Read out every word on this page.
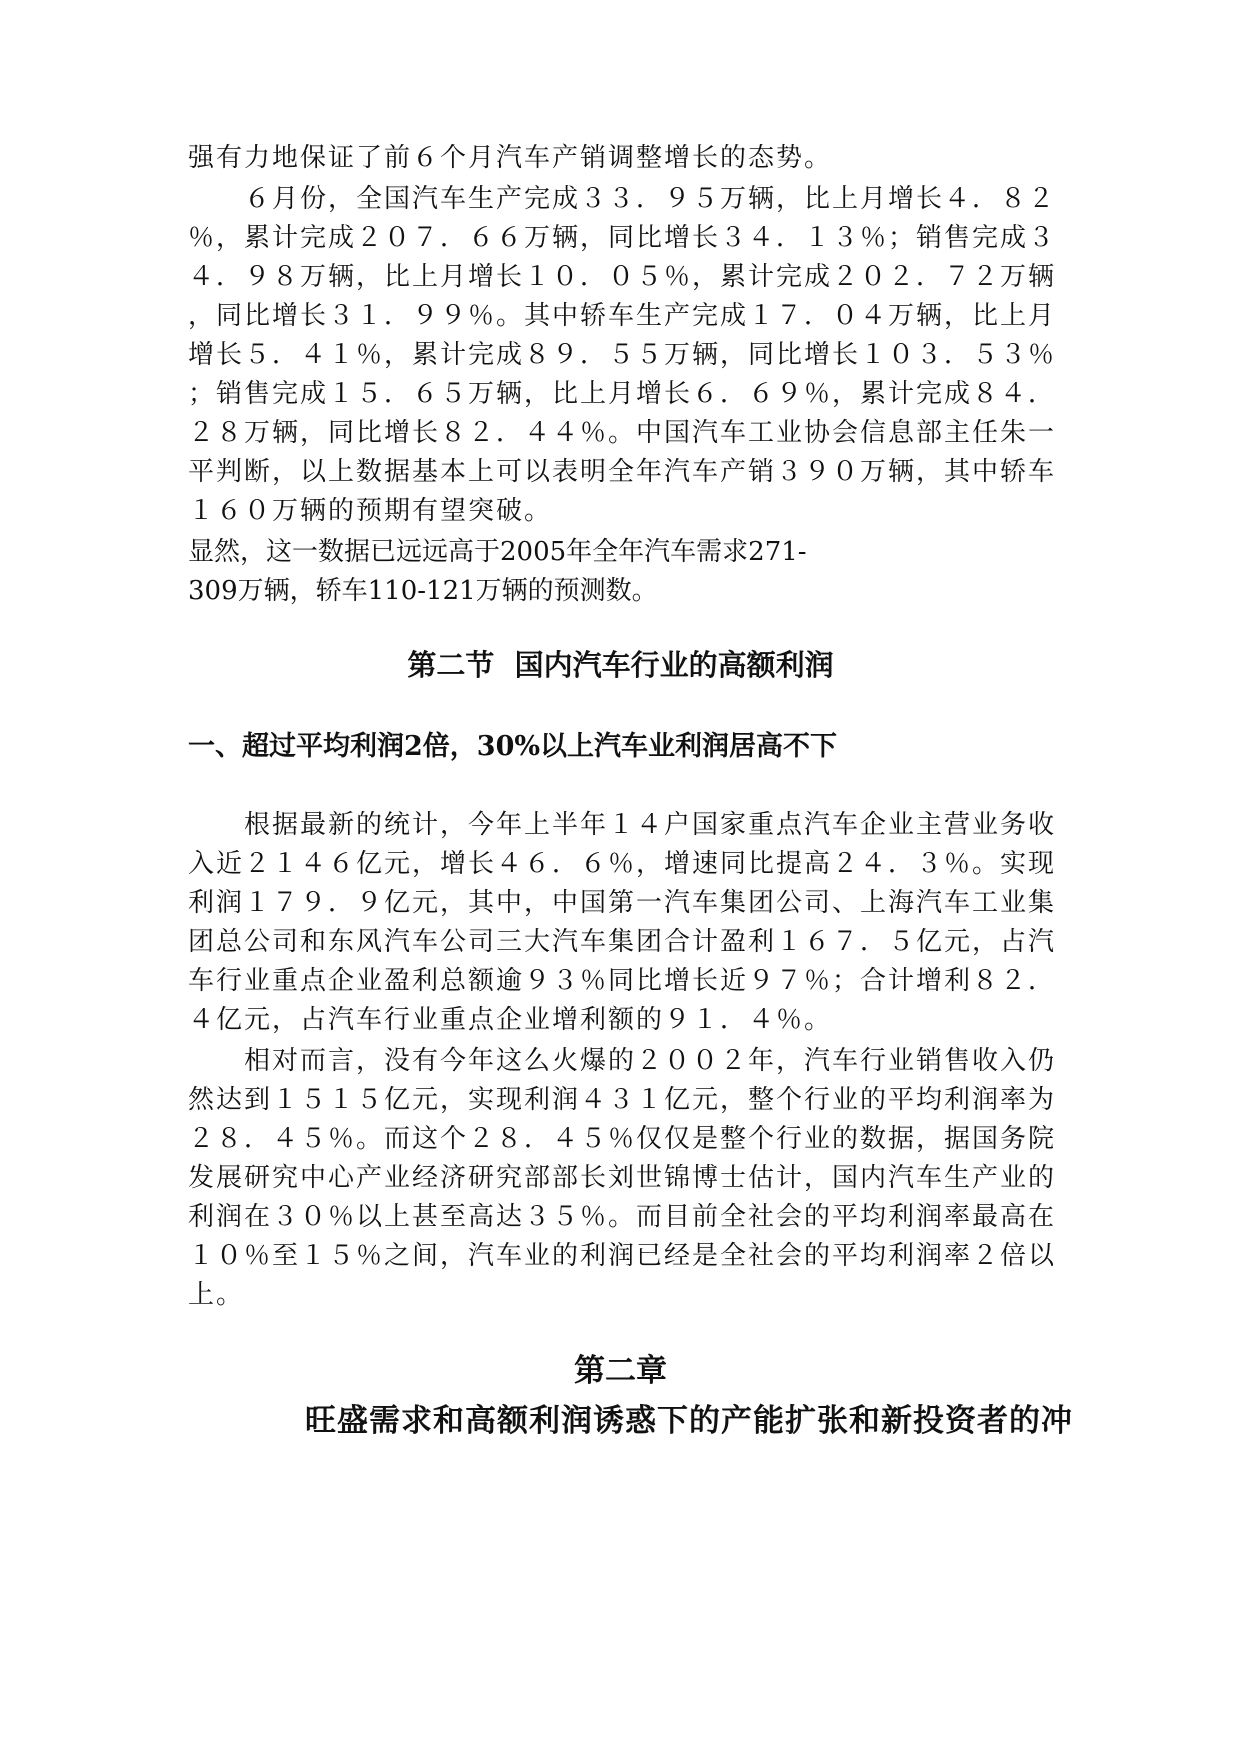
强有力地保证了前６个月汽车产销调整增长的态势。
　　６月份，全国汽车生产完成３３．９５万辆，比上月增长４．８２
％，累计完成２０７．６６万辆，同比增长３４．１３％；销售完成３
４．９８万辆，比上月增长１０．０５％，累计完成２０２．７２万辆
，同比增长３１．９９％。其中轿车生产完成１７．０４万辆，比上月
增长５．４１％，累计完成８９．５５万辆，同比增长１０３．５３％
；销售完成１５．６５万辆，比上月增长６．６９％，累计完成８４．
２８万辆，同比增长８２．４４％。中国汽车工业协会信息部主任朱一
平判断，以上数据基本上可以表明全年汽车产销３９０万辆，其中轿车
１６０万辆的预期有望突破。
显然，这一数据已远远高于2005年全年汽车需求271-
309万辆，轿车110-121万辆的预测数。
第二节  国内汽车行业的高额利润
一、超过平均利润2倍，30%以上汽车业利润居高不下
　　根据最新的统计，今年上半年１４户国家重点汽车企业主营业务收
入近２１４６亿元，增长４６．６％，增速同比提高２４．３％。实现
利润１７９．９亿元，其中，中国第一汽车集团公司、上海汽车工业集
团总公司和东风汽车公司三大汽车集团合计盈利１６７．５亿元，占汽
车行业重点企业盈利总额逾９３％同比增长近９７％；合计增利８２．
４亿元，占汽车行业重点企业增利额的９１．４％。
　　相对而言，没有今年这么火爆的２００２年，汽车行业销售收入仍
然达到１５１５亿元，实现利润４３１亿元，整个行业的平均利润率为
２８．４５％。而这个２８．４５％仅仅是整个行业的数据，据国务院
发展研究中心产业经济研究部部长刘世锦博士估计，国内汽车生产业的
利润在３０％以上甚至高达３５％。而目前全社会的平均利润率最高在
１０％至１５％之间，汽车业的利润已经是全社会的平均利润率２倍以
上。
第二章
旺盛需求和高额利润诱惑下的产能扩张和新投资者的冲
